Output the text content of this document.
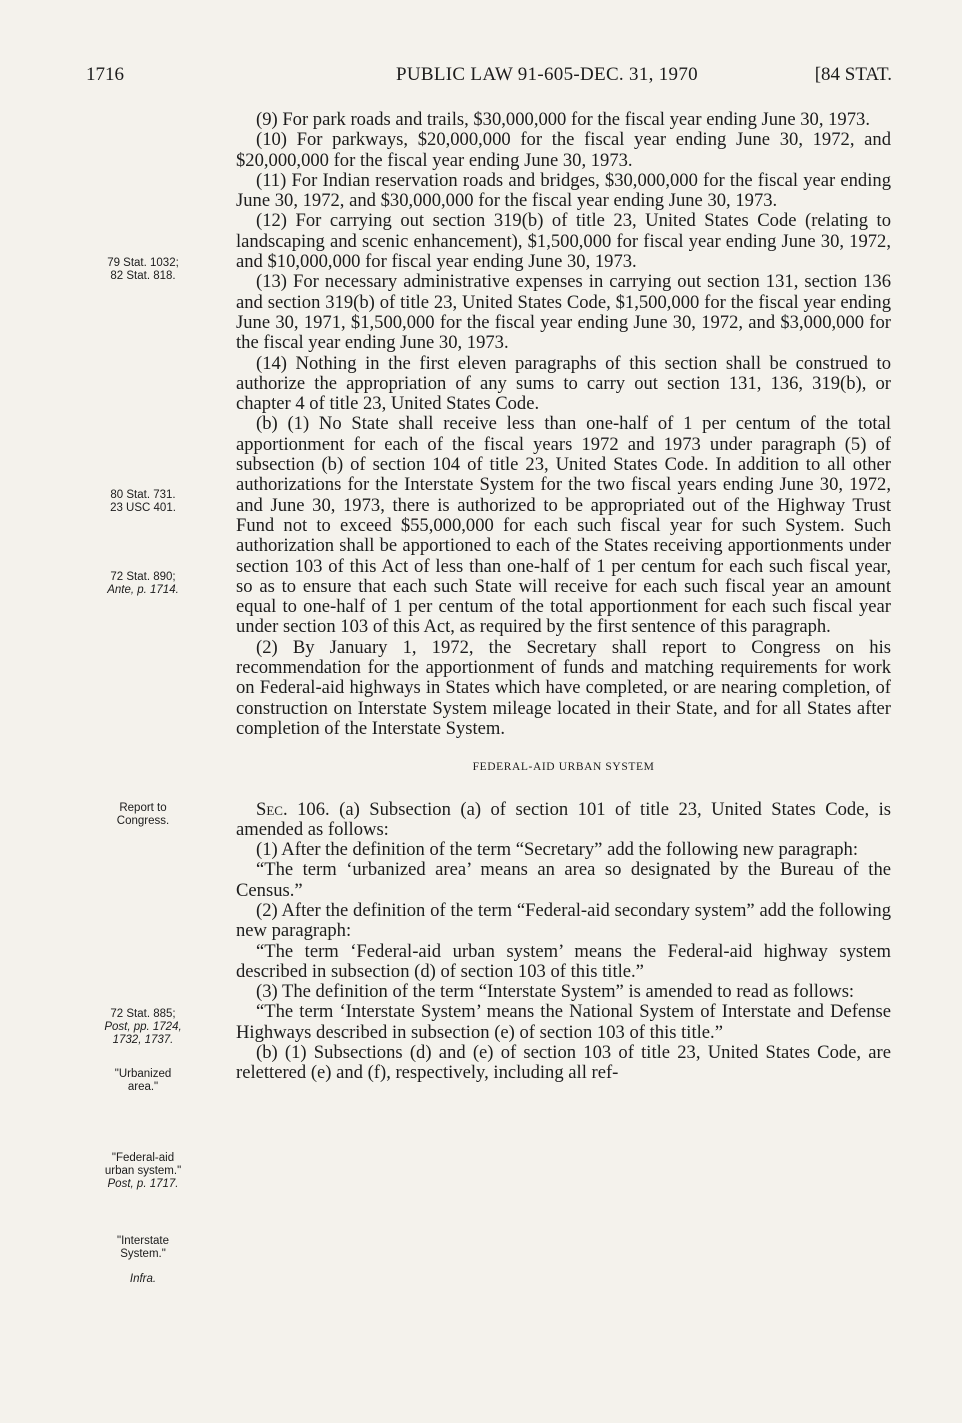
1716	PUBLIC LAW 91-605-DEC. 31, 1970	[84 STAT.
79 Stat. 1032;
82 Stat. 818.
80 Stat. 731.
23 USC 401.
72 Stat. 890;
Ante, p. 1714.
Report to
Congress.
72 Stat. 885;
Post, pp. 1724,
1732, 1737.
"Urbanized
area."
"Federal-aid
urban system."
Post, p. 1717.
"Interstate
System."
Infra.

(9) For park roads and trails, $30,000,000 for the fiscal year ending June 30, 1973.

(10) For parkways, $20,000,000 for the fiscal year ending June 30, 1972, and $20,000,000 for the fiscal year ending June 30, 1973.

(11) For Indian reservation roads and bridges, $30,000,000 for the fiscal year ending June 30, 1972, and $30,000,000 for the fiscal year ending June 30, 1973.

(12) For carrying out section 319(b) of title 23, United States Code (relating to landscaping and scenic enhancement), $1,500,000 for fiscal year ending June 30, 1972, and $10,000,000 for fiscal year ending June 30, 1973.

(13) For necessary administrative expenses in carrying out section 131, section 136 and section 319(b) of title 23, United States Code, $1,500,000 for the fiscal year ending June 30, 1971, $1,500,000 for the fiscal year ending June 30, 1972, and $3,000,000 for the fiscal year ending June 30, 1973.

(14) Nothing in the first eleven paragraphs of this section shall be construed to authorize the appropriation of any sums to carry out section 131, 136, 319(b), or chapter 4 of title 23, United States Code.

(b) (1) No State shall receive less than one-half of 1 per centum of the total apportionment for each of the fiscal years 1972 and 1973 under paragraph (5) of subsection (b) of section 104 of title 23, United States Code. In addition to all other authorizations for the Interstate System for the two fiscal years ending June 30, 1972, and June 30, 1973, there is authorized to be appropriated out of the Highway Trust Fund not to exceed $55,000,000 for each such fiscal year for such System. Such authorization shall be apportioned to each of the States receiving apportionments under section 103 of this Act of less than one-half of 1 per centum for each such fiscal year, so as to ensure that each such State will receive for each such fiscal year an amount equal to one-half of 1 per centum of the total apportionment for each such fiscal year under section 103 of this Act, as required by the first sentence of this paragraph.

(2) By January 1, 1972, the Secretary shall report to Congress on his recommendation for the apportionment of funds and matching requirements for work on Federal-aid highways in States which have completed, or are nearing completion, of construction on Interstate System mileage located in their State, and for all States after completion of the Interstate System.

FEDERAL-AID URBAN SYSTEM

Sec. 106. (a) Subsection (a) of section 101 of title 23, United States Code, is amended as follows:

(1) After the definition of the term “Secretary” add the following new paragraph:

“The term ‘urbanized area’ means an area so designated by the Bureau of the Census.”

(2) After the definition of the term “Federal-aid secondary system” add the following new paragraph:

“The term ‘Federal-aid urban system’ means the Federal-aid highway system described in subsection (d) of section 103 of this title.”

(3) The definition of the term “Interstate System” is amended to read as follows:

“The term ‘Interstate System’ means the National System of Interstate and Defense Highways described in subsection (e) of section 103 of this title.”

(b) (1) Subsections (d) and (e) of section 103 of title 23, United States Code, are relettered (e) and (f), respectively, including all ref-
